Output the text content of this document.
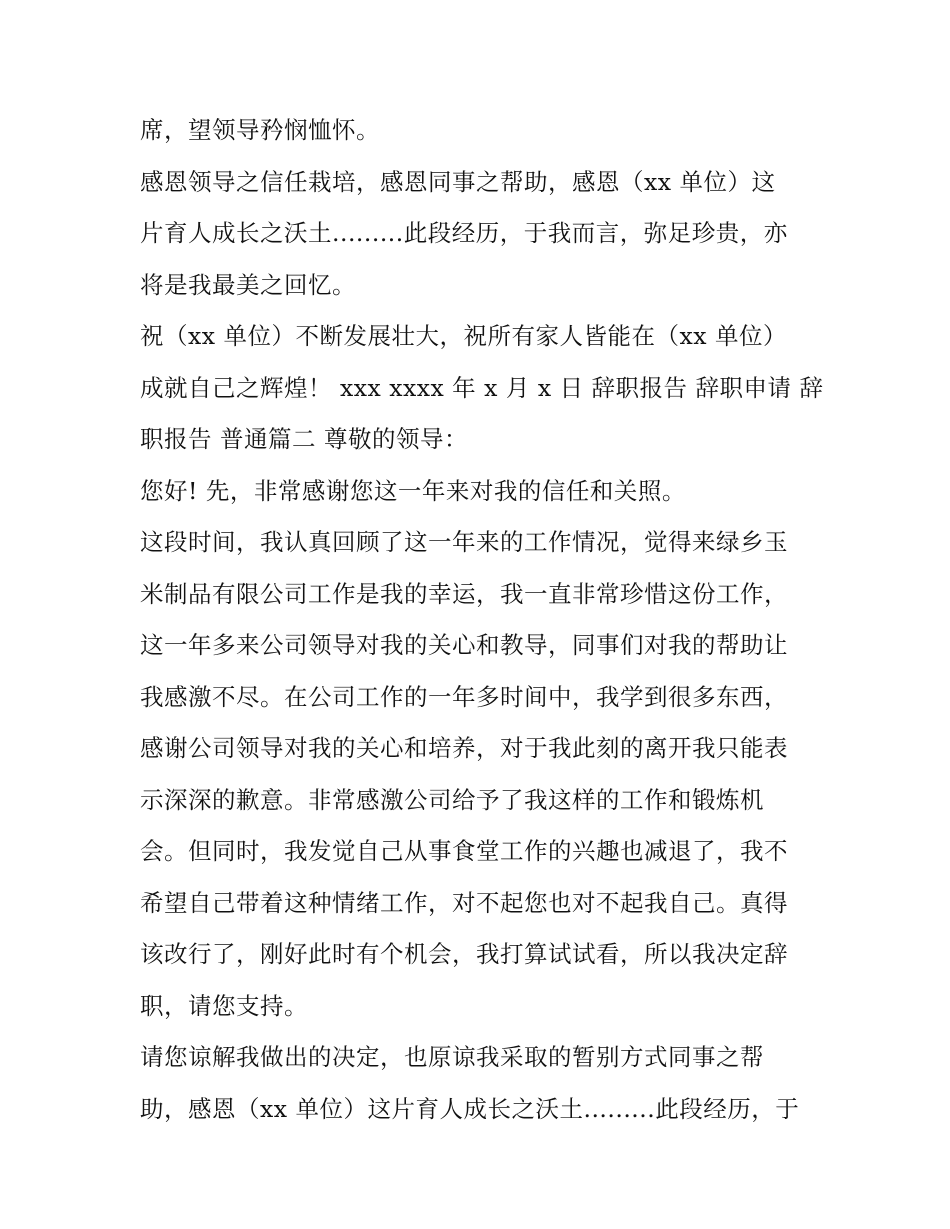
席，望领导矜悯恤怀。
感恩领导之信任栽培，感恩同事之帮助，感恩（xx 单位）这
片育人成长之沃土.........此段经历，于我而言，弥足珍贵，亦
将是我最美之回忆。
祝（xx 单位）不断发展壮大，祝所有家人皆能在（xx 单位）
成就自己之辉煌！ xxx xxxx 年 x 月 x 日 辞职报告 辞职申请 辞
职报告 普通篇二 尊敬的领导：
您好! 先，非常感谢您这一年来对我的信任和关照。
这段时间，我认真回顾了这一年来的工作情况，觉得来绿乡玉
米制品有限公司工作是我的幸运，我一直非常珍惜这份工作，
这一年多来公司领导对我的关心和教导，同事们对我的帮助让
我感激不尽。在公司工作的一年多时间中，我学到很多东西，
感谢公司领导对我的关心和培养，对于我此刻的离开我只能表
示深深的歉意。非常感激公司给予了我这样的工作和锻炼机
会。但同时，我发觉自己从事食堂工作的兴趣也减退了，我不
希望自己带着这种情绪工作，对不起您也对不起我自己。真得
该改行了，刚好此时有个机会，我打算试试看，所以我决定辞
职，请您支持。
请您谅解我做出的决定，也原谅我采取的暂别方式同事之帮
助，感恩（xx 单位）这片育人成长之沃土.........此段经历，于
